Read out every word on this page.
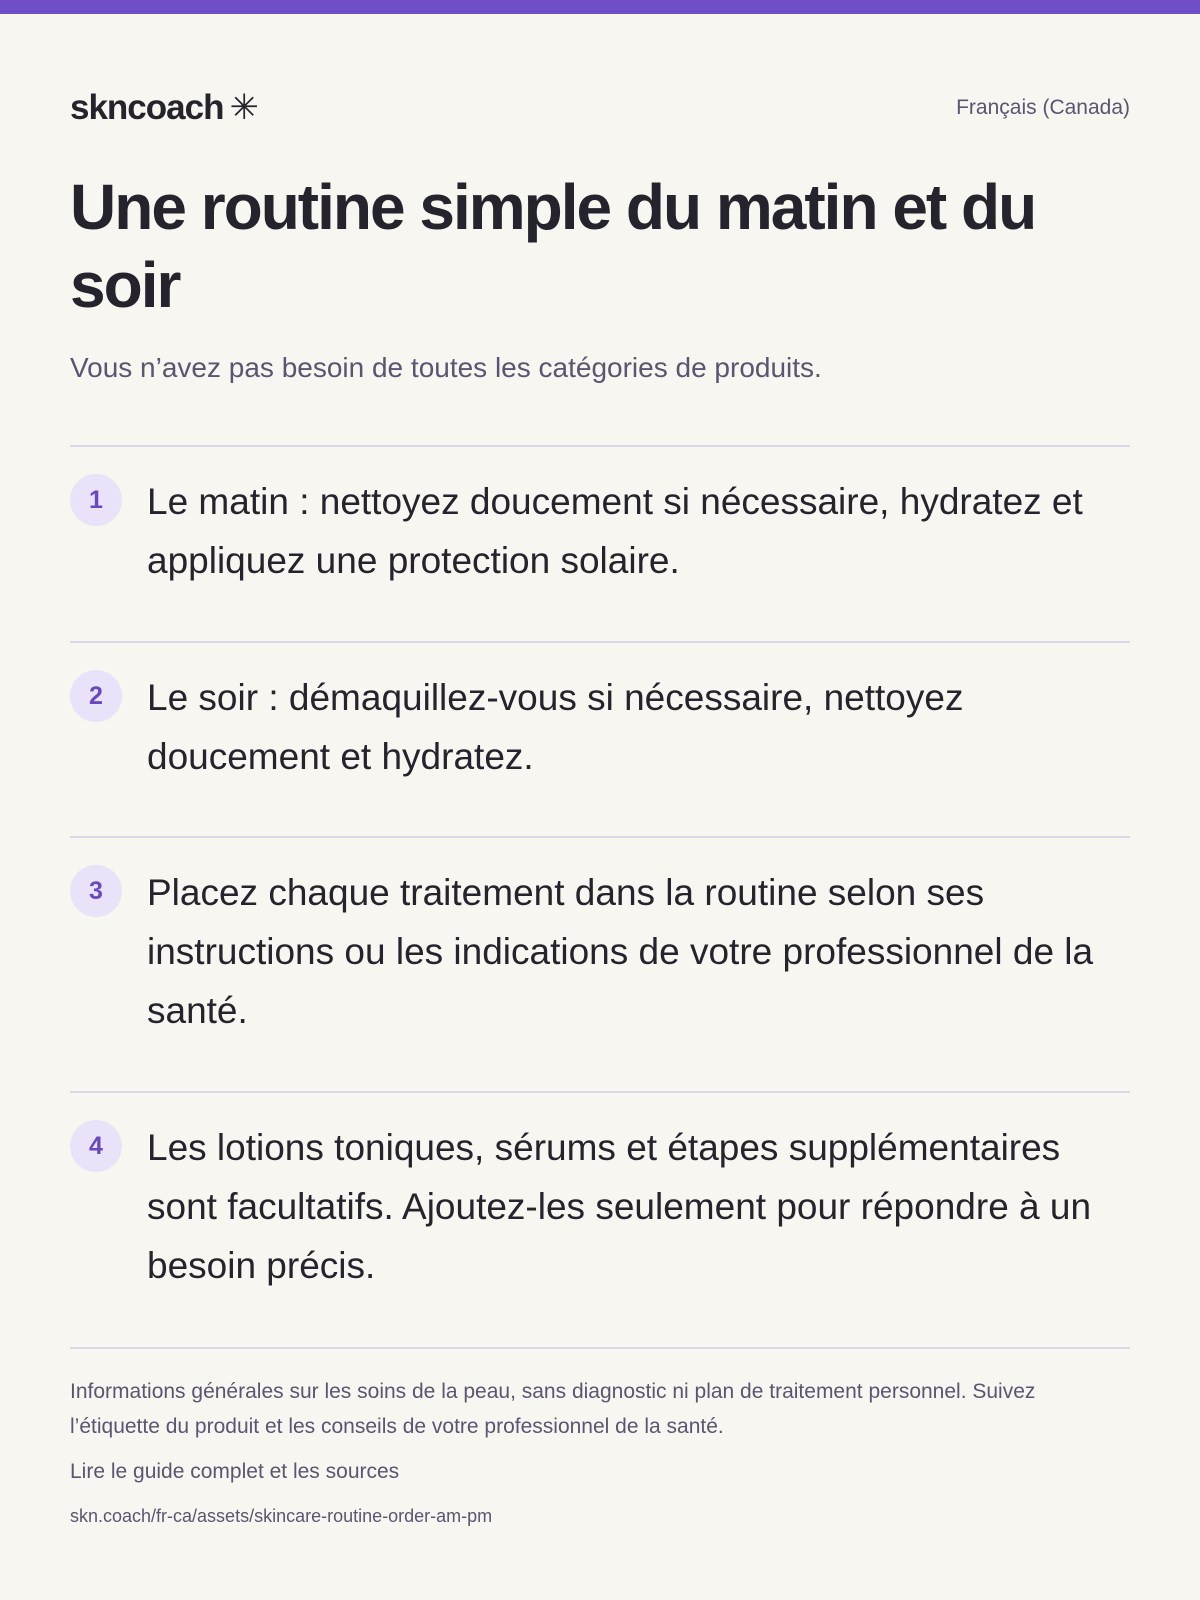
skncoach ✳	Français (Canada)
Une routine simple du matin et du soir

Vous n’avez pas besoin de toutes les catégories de produits.

1	Le matin : nettoyez doucement si nécessaire, hydratez et appliquez une protection solaire.

2	Le soir : démaquillez-vous si nécessaire, nettoyez doucement et hydratez.

3	Placez chaque traitement dans la routine selon ses instructions ou les indications de votre professionnel de la santé.

4	Les lotions toniques, sérums et étapes supplémentaires sont facultatifs. Ajoutez-les seulement pour répondre à un besoin précis.

Informations générales sur les soins de la peau, sans diagnostic ni plan de traitement personnel. Suivez l’étiquette du produit et les conseils de votre professionnel de la santé.

Lire le guide complet et les sources
skn.coach/fr-ca/assets/skincare-routine-order-am-pm
